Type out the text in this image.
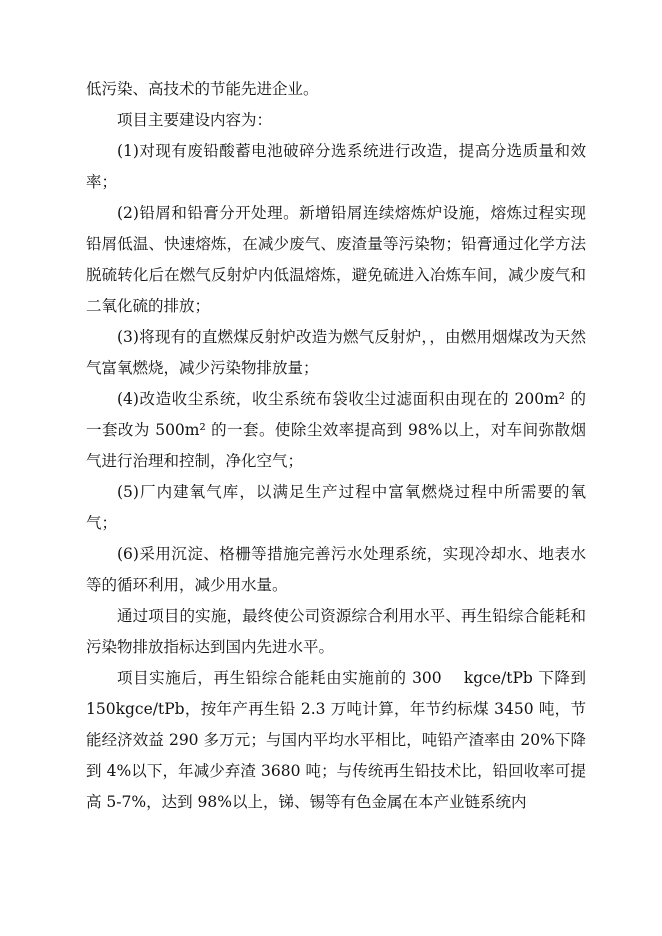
低污染、高技术的节能先进企业。

项目主要建设内容为：

(1)对现有废铅酸蓄电池破碎分选系统进行改造，提高分选质量和效率；

(2)铅屑和铅膏分开处理。新增铅屑连续熔炼炉设施，熔炼过程实现铅屑低温、快速熔炼，在减少废气、废渣量等污染物；铅膏通过化学方法脱硫转化后在燃气反射炉内低温熔炼，避免硫进入冶炼车间，减少废气和二氧化硫的排放；

(3)将现有的直燃煤反射炉改造为燃气反射炉，，由燃用烟煤改为天然气富氧燃烧，减少污染物排放量；

(4)改造收尘系统，收尘系统布袋收尘过滤面积由现在的 200m² 的一套改为 500m² 的一套。使除尘效率提高到 98%以上，对车间弥散烟气进行治理和控制，净化空气；

(5)厂内建氧气库，以满足生产过程中富氧燃烧过程中所需要的氧气；

(6)采用沉淀、格栅等措施完善污水处理系统，实现冷却水、地表水等的循环利用，减少用水量。

通过项目的实施，最终使公司资源综合利用水平、再生铅综合能耗和污染物排放指标达到国内先进水平。

项目实施后，再生铅综合能耗由实施前的 300　 kgce/tPb 下降到 150kgce/tPb，按年产再生铅 2.3 万吨计算，年节约标煤 3450 吨，节能经济效益 290 多万元；与国内平均水平相比，吨铅产渣率由 20%下降到 4%以下，年减少弃渣 3680 吨；与传统再生铅技术比，铅回收率可提高 5-7%，达到 98%以上，锑、锡等有色金属在本产业链系统内
